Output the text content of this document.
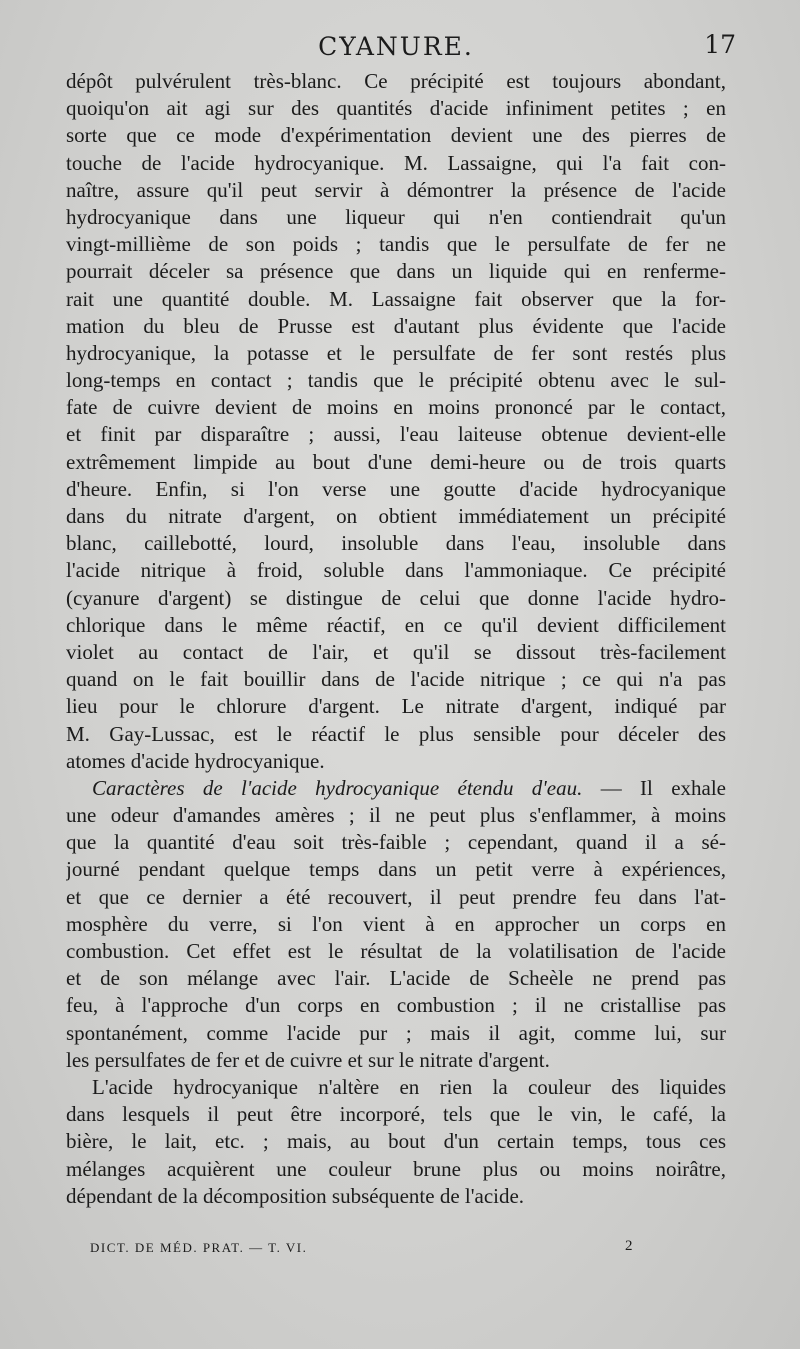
CYANURE.	17
dépôt pulvérulent très-blanc. Ce précipité est toujours abondant,
quoiqu'on ait agi sur des quantités d'acide infiniment petites ; en
sorte que ce mode d'expérimentation devient une des pierres de
touche de l'acide hydrocyanique. M. Lassaigne, qui l'a fait con-
naître, assure qu'il peut servir à démontrer la présence de l'acide
hydrocyanique dans une liqueur qui n'en contiendrait qu'un
vingt-millième de son poids ; tandis que le persulfate de fer ne
pourrait déceler sa présence que dans un liquide qui en renferme-
rait une quantité double. M. Lassaigne fait observer que la for-
mation du bleu de Prusse est d'autant plus évidente que l'acide
hydrocyanique, la potasse et le persulfate de fer sont restés plus
long-temps en contact ; tandis que le précipité obtenu avec le sul-
fate de cuivre devient de moins en moins prononcé par le contact,
et finit par disparaître ; aussi, l'eau laiteuse obtenue devient-elle
extrêmement limpide au bout d'une demi-heure ou de trois quarts
d'heure. Enfin, si l'on verse une goutte d'acide hydrocyanique
dans du nitrate d'argent, on obtient immédiatement un précipité
blanc, caillebotté, lourd, insoluble dans l'eau, insoluble dans
l'acide nitrique à froid, soluble dans l'ammoniaque. Ce précipité
(cyanure d'argent) se distingue de celui que donne l'acide hydro-
chlorique dans le même réactif, en ce qu'il devient difficilement
violet au contact de l'air, et qu'il se dissout très-facilement
quand on le fait bouillir dans de l'acide nitrique ; ce qui n'a pas
lieu pour le chlorure d'argent. Le nitrate d'argent, indiqué par
M. Gay-Lussac, est le réactif le plus sensible pour déceler des
atomes d'acide hydrocyanique.
Caractères de l'acide hydrocyanique étendu d'eau. — Il exhale
une odeur d'amandes amères ; il ne peut plus s'enflammer, à moins
que la quantité d'eau soit très-faible ; cependant, quand il a sé-
journé pendant quelque temps dans un petit verre à expériences,
et que ce dernier a été recouvert, il peut prendre feu dans l'at-
mosphère du verre, si l'on vient à en approcher un corps en
combustion. Cet effet est le résultat de la volatilisation de l'acide
et de son mélange avec l'air. L'acide de Scheèle ne prend pas
feu, à l'approche d'un corps en combustion ; il ne cristallise pas
spontanément, comme l'acide pur ; mais il agit, comme lui, sur
les persulfates de fer et de cuivre et sur le nitrate d'argent.
L'acide hydrocyanique n'altère en rien la couleur des liquides
dans lesquels il peut être incorporé, tels que le vin, le café, la
bière, le lait, etc. ; mais, au bout d'un certain temps, tous ces
mélanges acquièrent une couleur brune plus ou moins noirâtre,
dépendant de la décomposition subséquente de l'acide.
DICT. DE MÉD. PRAT. — T. VI.	2
